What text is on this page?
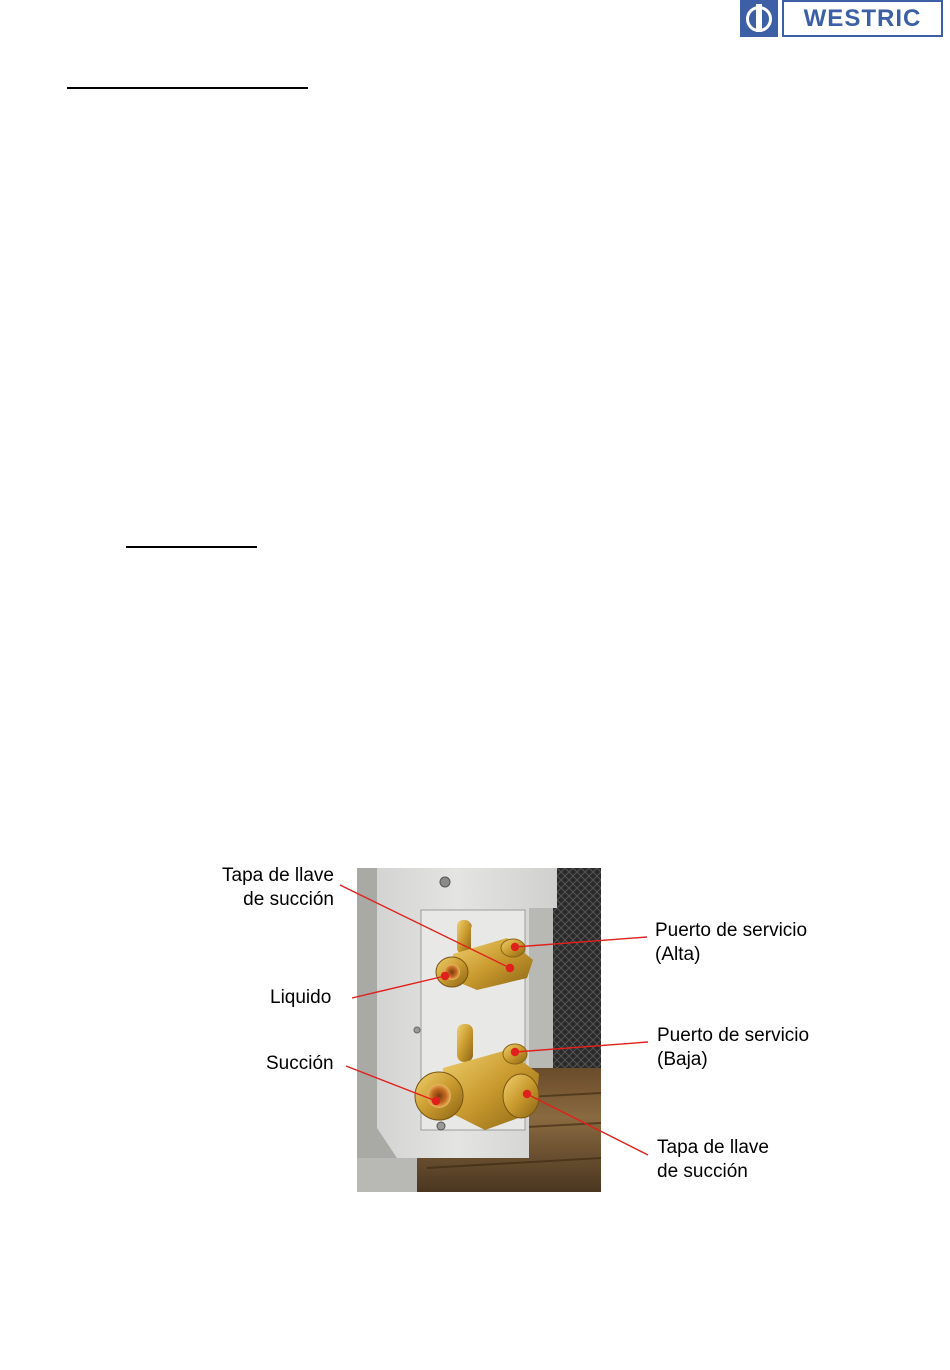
WESTRIC
Tapa de llave
de succión
Liquido
Succión
Puerto de servicio
(Alta)
Puerto de servicio
(Baja)
Tapa de llave
de succión
